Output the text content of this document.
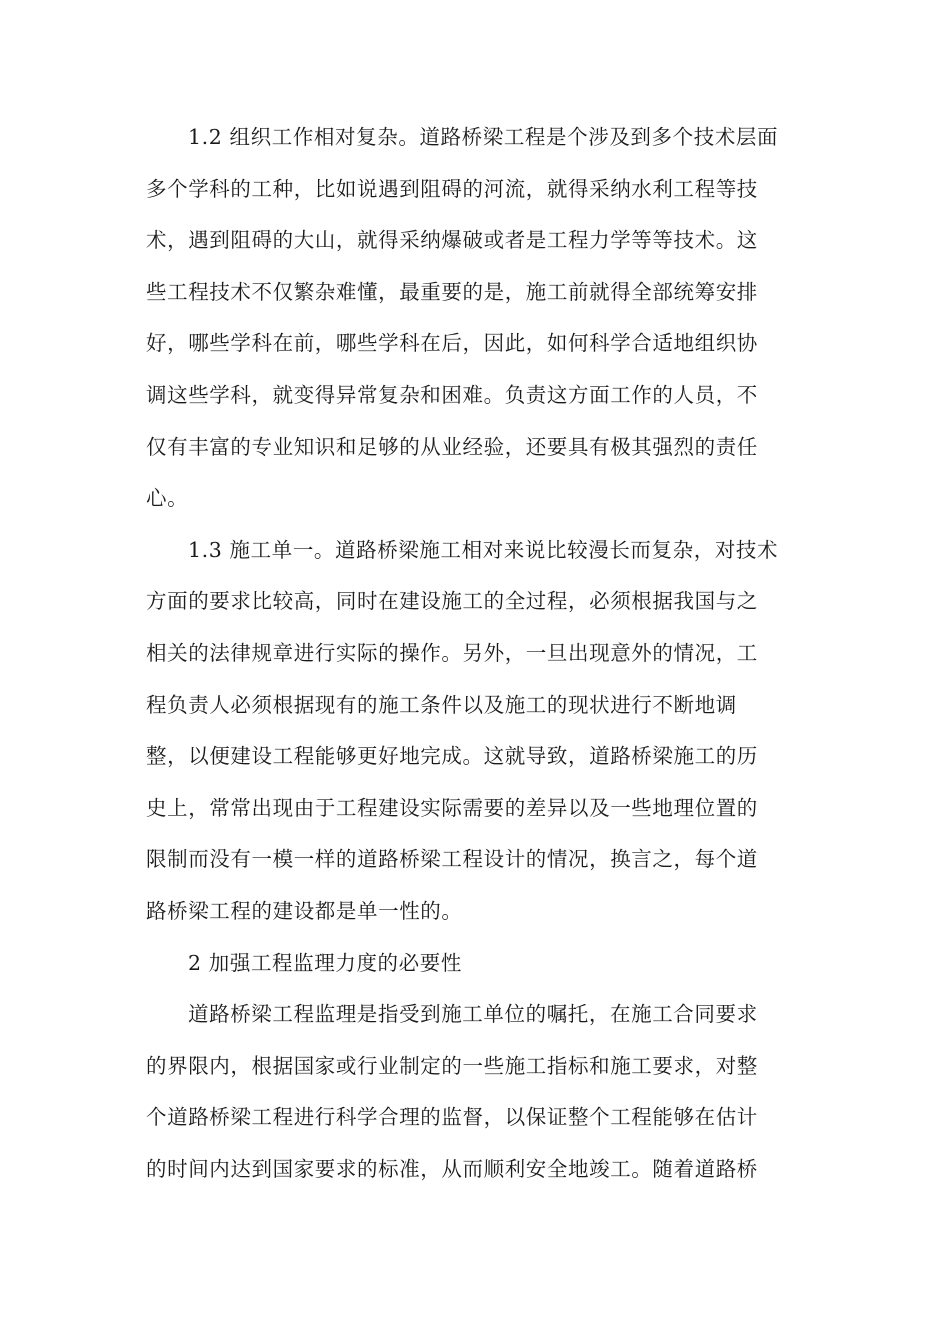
1.2 组织工作相对复杂。道路桥梁工程是个涉及到多个技术层面
多个学科的工种，比如说遇到阻碍的河流，就得采纳水利工程等技
术，遇到阻碍的大山，就得采纳爆破或者是工程力学等等技术。这
些工程技术不仅繁杂难懂，最重要的是，施工前就得全部统筹安排
好，哪些学科在前，哪些学科在后，因此，如何科学合适地组织协
调这些学科，就变得异常复杂和困难。负责这方面工作的人员，不
仅有丰富的专业知识和足够的从业经验，还要具有极其强烈的责任
心。
1.3 施工单一。道路桥梁施工相对来说比较漫长而复杂，对技术
方面的要求比较高，同时在建设施工的全过程，必须根据我国与之
相关的法律规章进行实际的操作。另外，一旦出现意外的情况，工
程负责人必须根据现有的施工条件以及施工的现状进行不断地调
整，以便建设工程能够更好地完成。这就导致，道路桥梁施工的历
史上，常常出现由于工程建设实际需要的差异以及一些地理位置的
限制而没有一模一样的道路桥梁工程设计的情况，换言之，每个道
路桥梁工程的建设都是单一性的。
2 加强工程监理力度的必要性
道路桥梁工程监理是指受到施工单位的嘱托，在施工合同要求
的界限内，根据国家或行业制定的一些施工指标和施工要求，对整
个道路桥梁工程进行科学合理的监督，以保证整个工程能够在估计
的时间内达到国家要求的标准，从而顺利安全地竣工。随着道路桥
